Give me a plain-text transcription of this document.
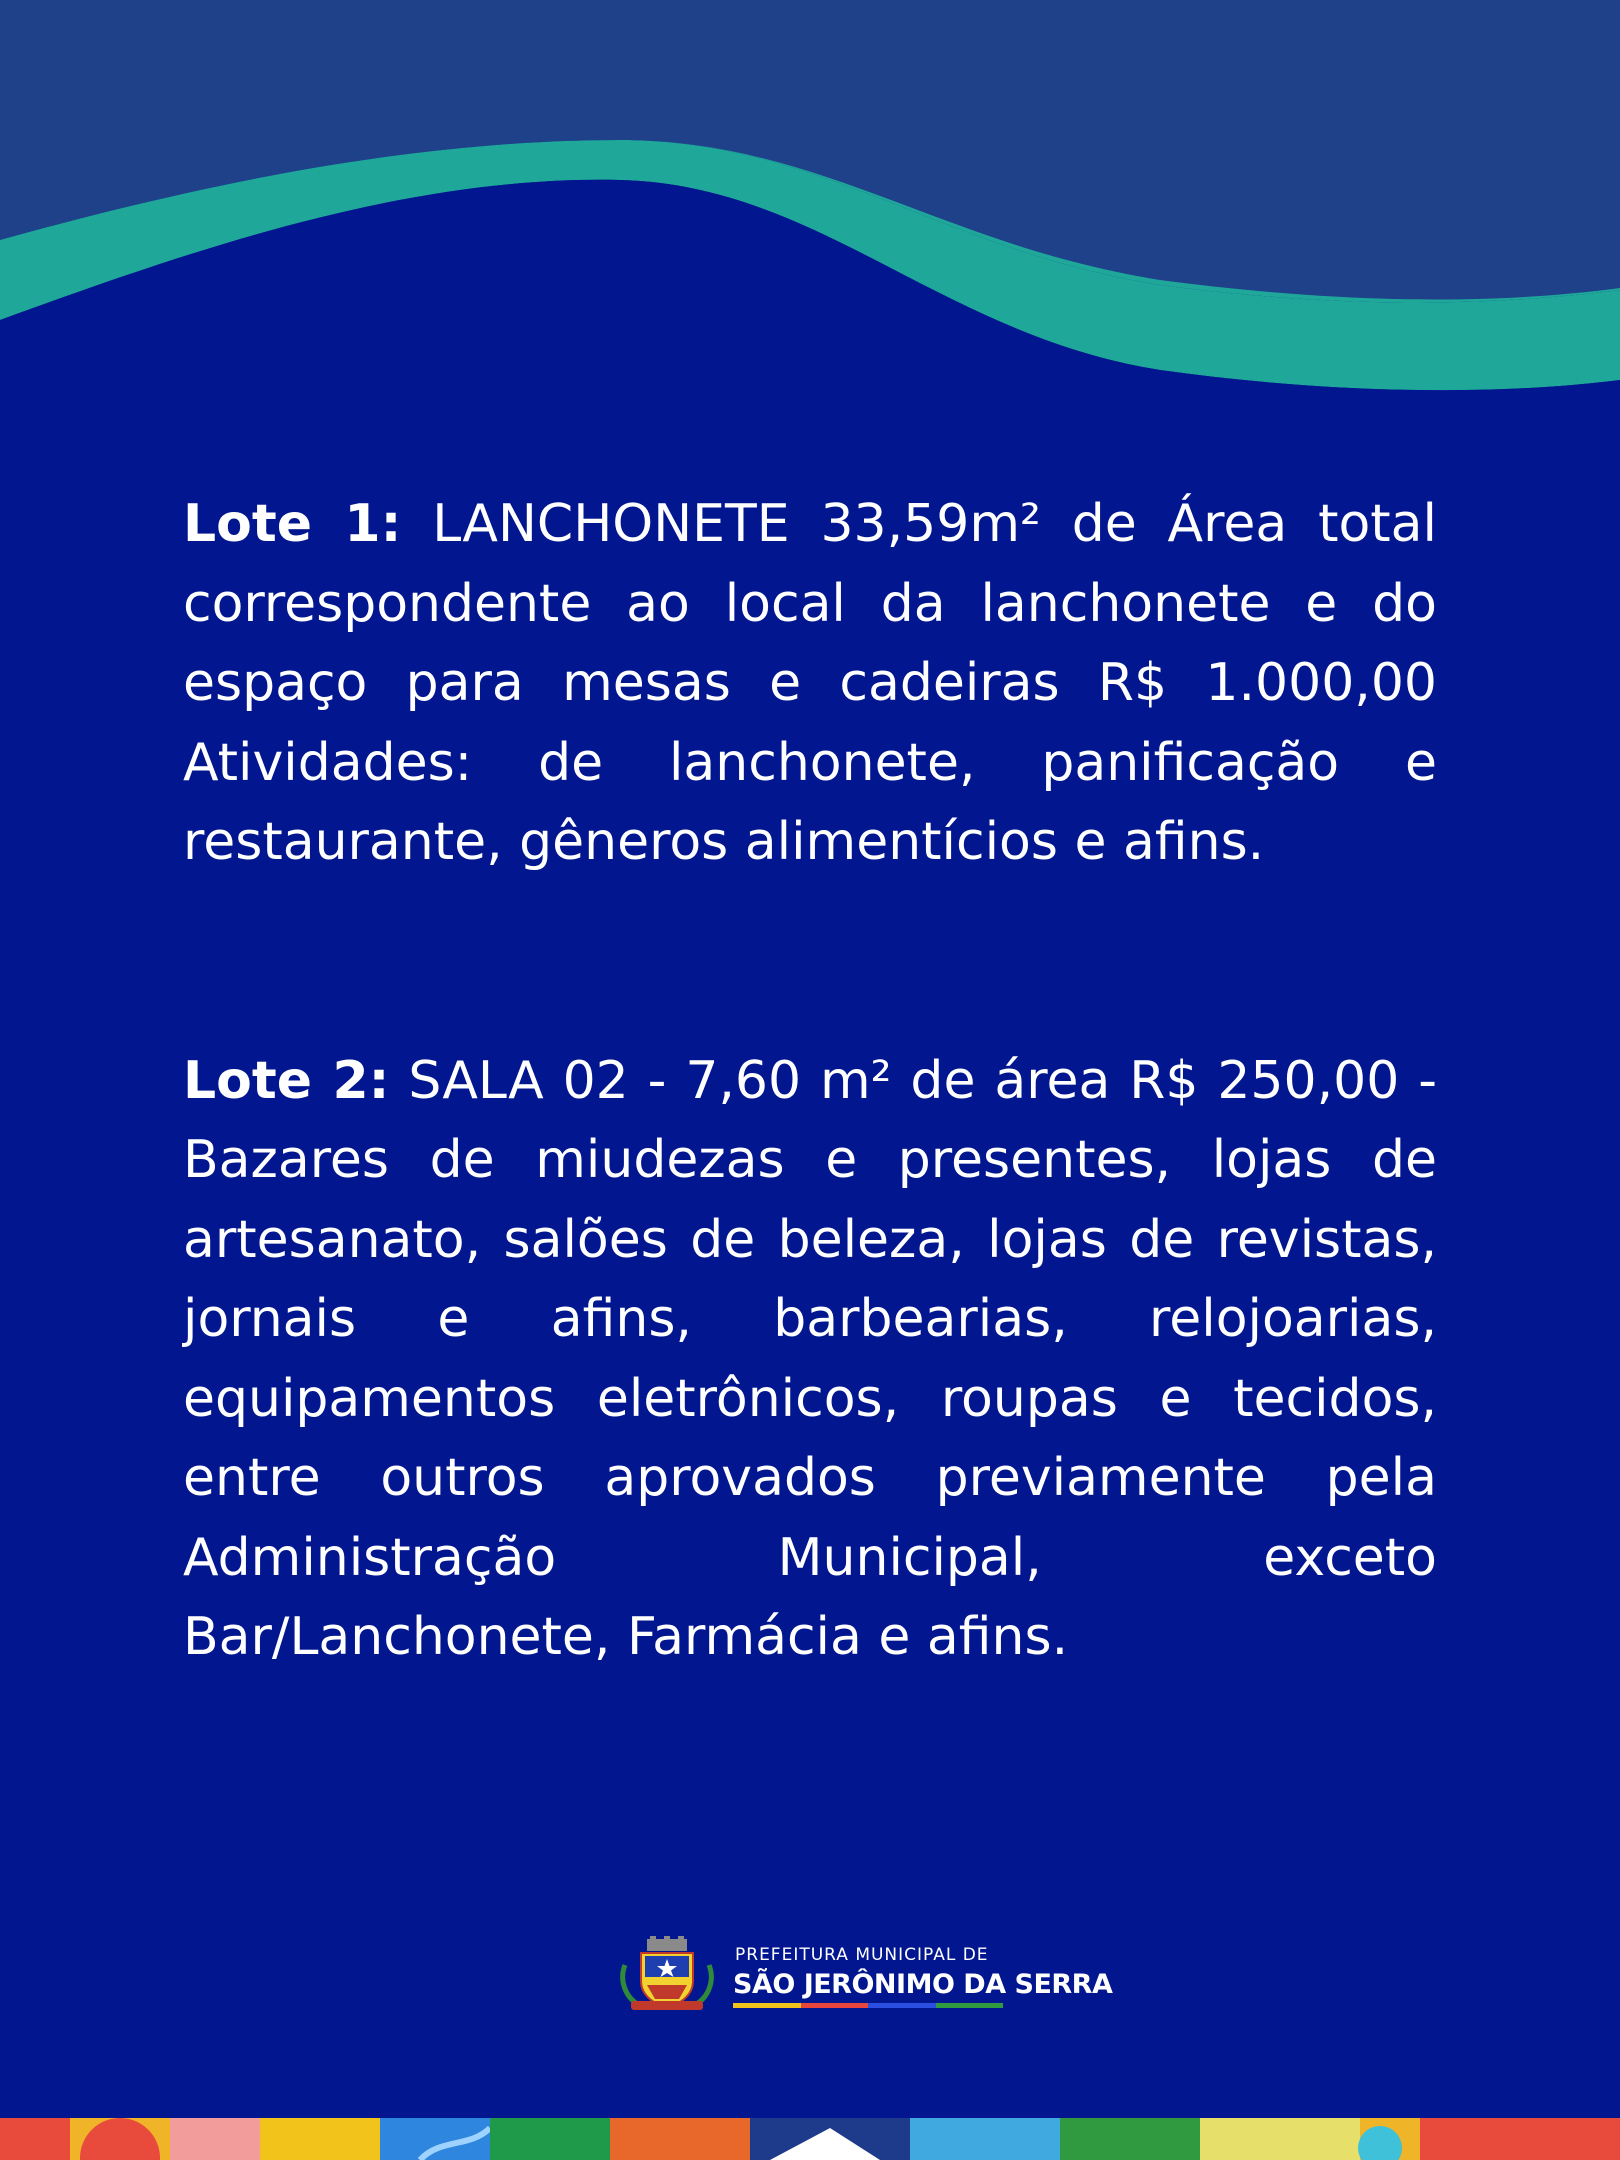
Lote 1: LANCHONETE 33,59m² de Área total correspondente ao local da lanchonete e do espaço para mesas e cadeiras R$ 1.000,00 Atividades: de lanchonete, panificação e restaurante, gêneros alimentícios e afins.

Lote 2: SALA 02 - 7,60 m² de área R$ 250,00 - Bazares de miudezas e presentes, lojas de artesanato, salões de beleza, lojas de revistas, jornais e afins, barbearias, relojoarias, equipamentos eletrônicos, roupas e tecidos, entre outros aprovados previamente pela Administração Municipal, exceto Bar/Lanchonete, Farmácia e afins.

PREFEITURA MUNICIPAL DE
SÃO JERÔNIMO DA SERRA
